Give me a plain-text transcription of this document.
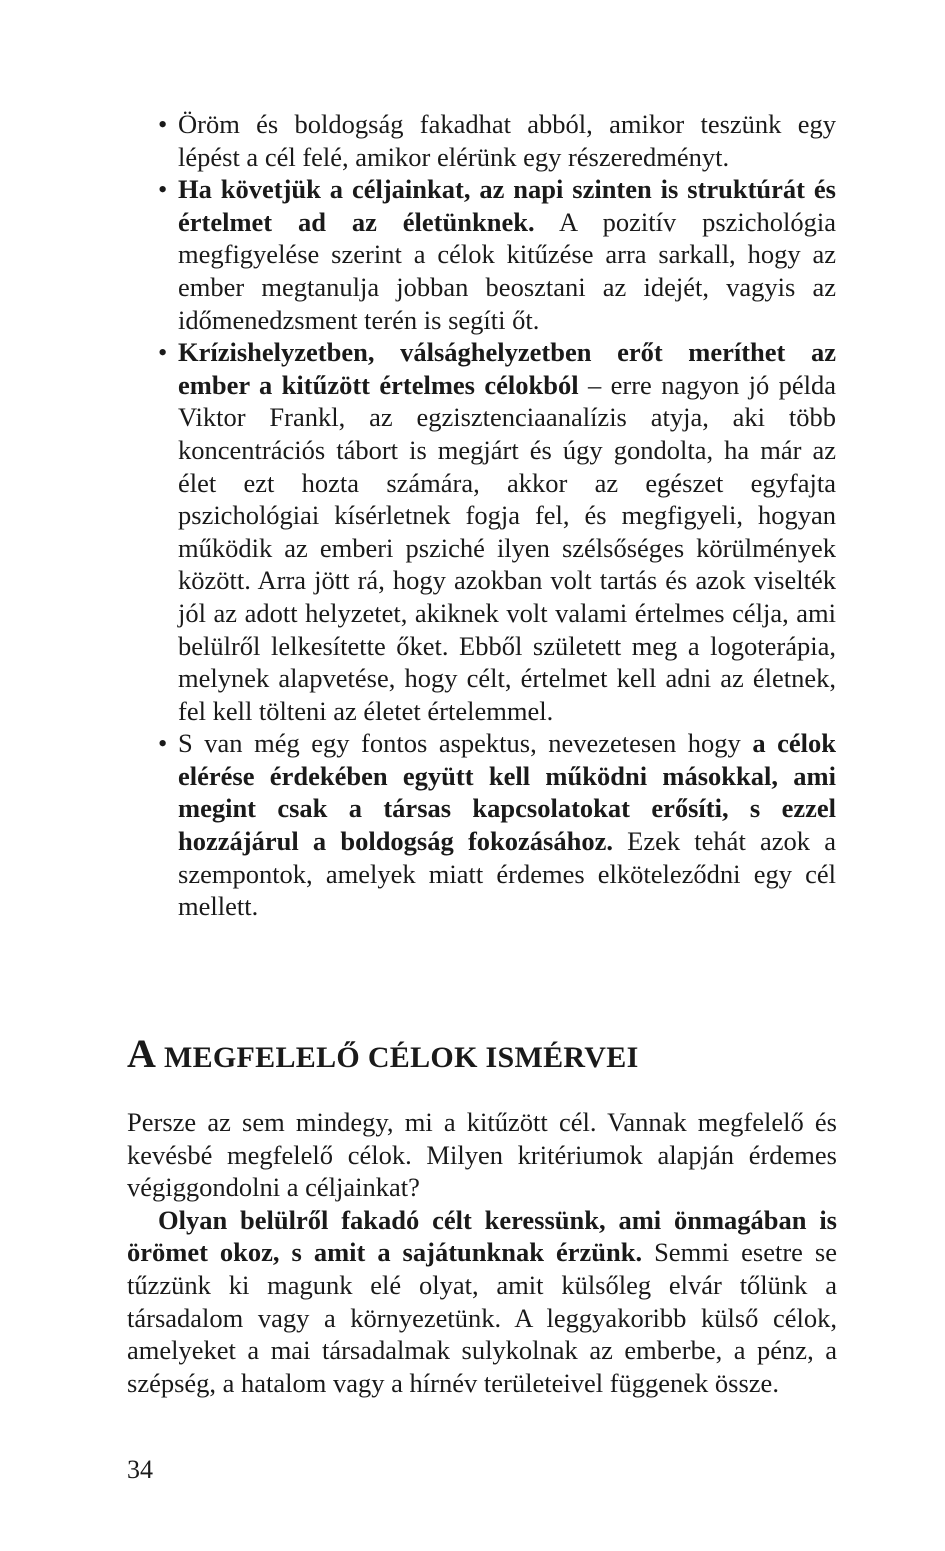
• Öröm és boldogság fakadhat abból, amikor teszünk egy lépést a cél felé, amikor elérünk egy részeredményt.
• Ha követjük a céljainkat, az napi szinten is struktúrát és értelmet ad az életünknek. A pozitív pszichológia megfigyelése szerint a célok kitűzése arra sarkall, hogy az ember megtanulja jobban beosztani az idejét, vagyis az időmenedzsment terén is segíti őt.
• Krízishelyzetben, válsághelyzetben erőt meríthet az ember a kitűzött értelmes célokból – erre nagyon jó példa Viktor Frankl, az egzisztenciaanalízis atyja, aki több koncentrációs tábort is megjárt és úgy gondolta, ha már az élet ezt hozta számára, akkor az egészet egyfajta pszichológiai kísérletnek fogja fel, és megfigyeli, hogyan működik az emberi psziché ilyen szélsőséges körülmények között. Arra jött rá, hogy azokban volt tartás és azok viselték jól az adott helyzetet, akiknek volt valami értelmes célja, ami belülről lelkesítette őket. Ebből született meg a logoterápia, melynek alapvetése, hogy célt, értelmet kell adni az életnek, fel kell tölteni az életet értelemmel.
• S van még egy fontos aspektus, nevezetesen hogy a célok elérése érdekében együtt kell működni másokkal, ami megint csak a társas kapcsolatokat erősíti, s ezzel hozzájárul a boldogság fokozásához. Ezek tehát azok a szempontok, amelyek miatt érdemes elköteleződni egy cél mellett.
A MEGFELELŐ CÉLOK ISMÉRVEI

Persze az sem mindegy, mi a kitűzött cél. Vannak megfelelő és kevésbé megfelelő célok. Milyen kritériumok alapján érdemes végiggondolni a céljainkat?

Olyan belülről fakadó célt keressünk, ami önmagában is örömet okoz, s amit a sajátunknak érzünk. Semmi esetre se tűzzünk ki magunk elé olyat, amit külsőleg elvár tőlünk a társadalom vagy a környezetünk. A leggyakoribb külső célok, amelyeket a mai társadalmak sulykolnak az emberbe, a pénz, a szépség, a hatalom vagy a hírnév területeivel függenek össze.

34
